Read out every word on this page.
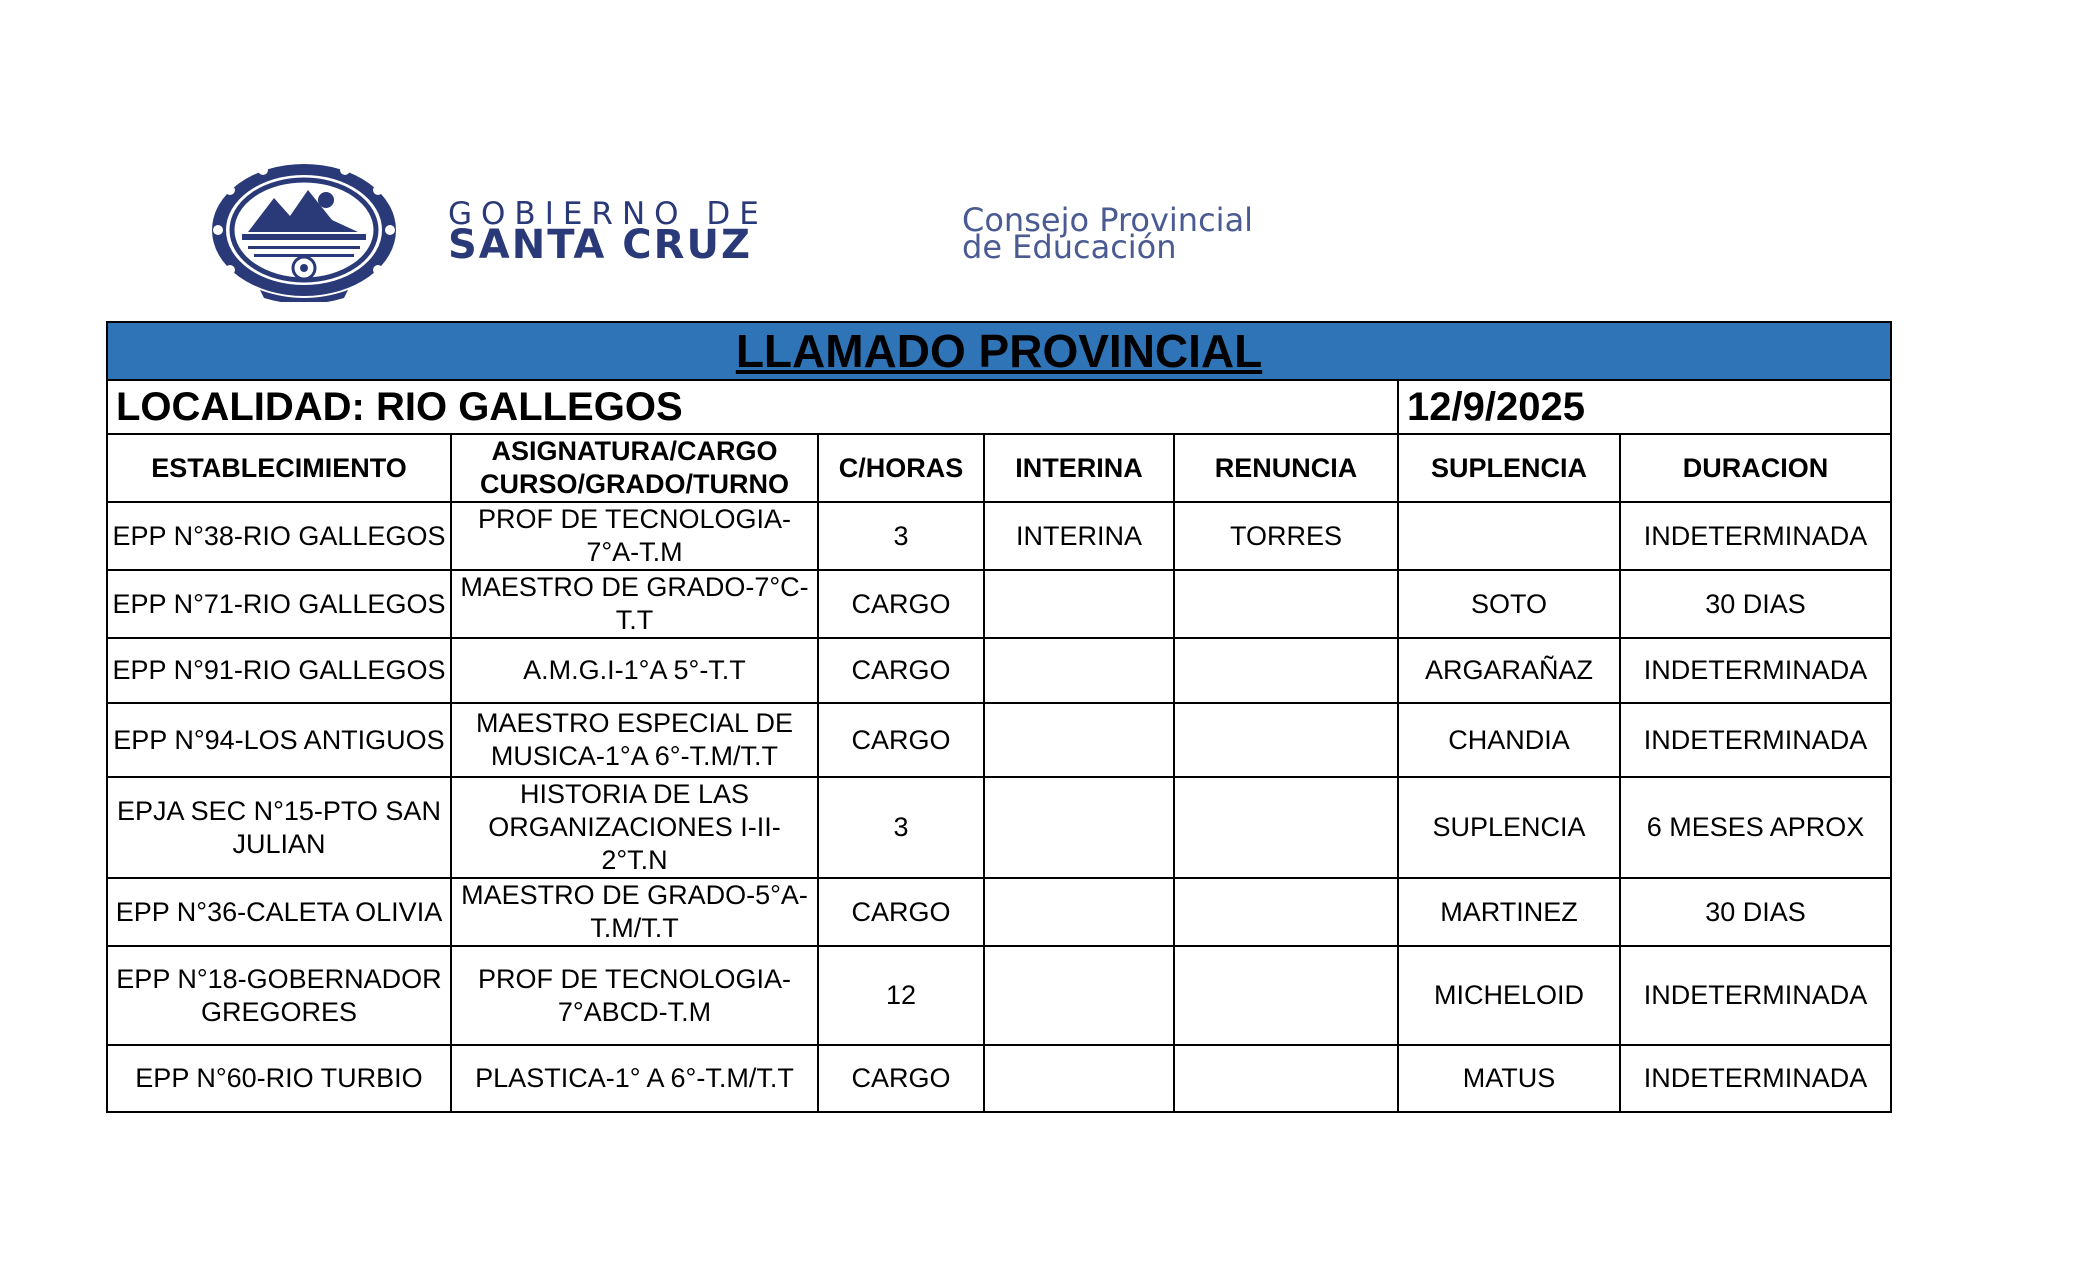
GOBIERNO DE
SANTA CRUZ
Consejo Provincial
de Educación
LLAMADO PROVINCIAL						
LOCALIDAD: RIO GALLEGOS					12/9/2025	
ESTABLECIMIENTO	ASIGNATURA/CARGO CURSO/GRADO/TURNO	C/HORAS	INTERINA	RENUNCIA	SUPLENCIA	DURACION
EPP N°38-RIO GALLEGOS	PROF DE TECNOLOGIA-7°A-T.M	3	INTERINA	TORRES		INDETERMINADA
EPP N°71-RIO GALLEGOS	MAESTRO DE GRADO-7°C-T.T	CARGO			SOTO	30 DIAS
EPP N°91-RIO GALLEGOS	A.M.G.I-1°A 5°-T.T	CARGO			ARGARAÑAZ	INDETERMINADA
EPP N°94-LOS ANTIGUOS	MAESTRO ESPECIAL DE MUSICA-1°A 6°-T.M/T.T	CARGO			CHANDIA	INDETERMINADA
EPJA SEC N°15-PTO SAN JULIAN	HISTORIA DE LAS ORGANIZACIONES I-II-2°T.N	3			SUPLENCIA	6 MESES APROX
EPP N°36-CALETA OLIVIA	MAESTRO DE GRADO-5°A-T.M/T.T	CARGO			MARTINEZ	30 DIAS
EPP N°18-GOBERNADOR GREGORES	PROF DE TECNOLOGIA-7°ABCD-T.M	12			MICHELOID	INDETERMINADA
EPP N°60-RIO TURBIO	PLASTICA-1° A 6°-T.M/T.T	CARGO			MATUS	INDETERMINADA
